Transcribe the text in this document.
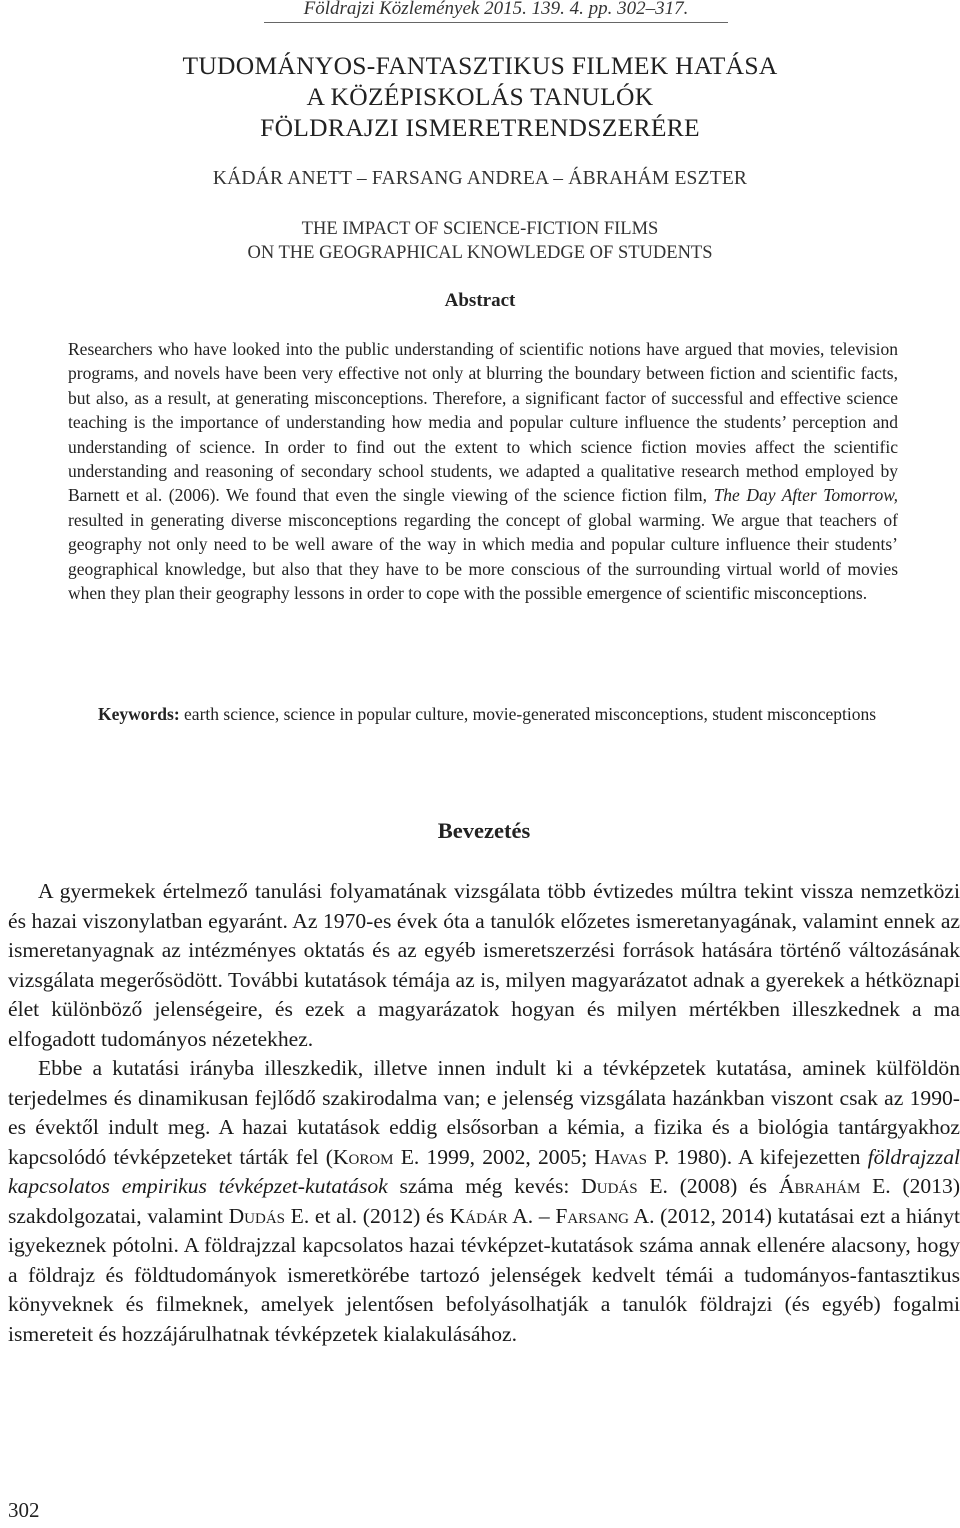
Földrajzi Közlemények 2015. 139. 4. pp. 302–317.
TUDOMÁNYOS-FANTASZTIKUS FILMEK HATÁSA
A KÖZÉPISKOLÁS TANULÓK
FÖLDRAJZI ISMERETRENDSZERÉRE
KÁDÁR ANETT – FARSANG ANDREA – ÁBRAHÁM ESZTER
THE IMPACT OF SCIENCE-FICTION FILMS
ON THE GEOGRAPHICAL KNOWLEDGE OF STUDENTS
Abstract

Researchers who have looked into the public understanding of scientific notions have argued that movies, television programs, and novels have been very effective not only at blurring the boundary between fiction and scientific facts, but also, as a result, at generating misconceptions. Therefore, a significant factor of successful and effective science teaching is the importance of understanding how media and popular culture influence the students’ perception and understanding of science. In order to find out the extent to which science fiction movies affect the scientific understanding and reasoning of secondary school students, we adapted a qualitative research method employed by Barnett et al. (2006). We found that even the single viewing of the science fiction film, The Day After Tomorrow, resulted in generating diverse misconceptions regarding the concept of global warming. We argue that teachers of geography not only need to be well aware of the way in which media and popular culture influence their students’ geographical knowledge, but also that they have to be more conscious of the surrounding virtual world of movies when they plan their geography lessons in order to cope with the possible emergence of scientific misconceptions.

Keywords: earth science, science in popular culture, movie-generated misconceptions, student misconceptions
Bevezetés

A gyermekek értelmező tanulási folyamatának vizsgálata több évtizedes múltra tekint vissza nemzetközi és hazai viszonylatban egyaránt. Az 1970-es évek óta a tanulók előzetes ismeretanyagának, valamint ennek az ismeretanyagnak az intézményes oktatás és az egyéb ismeretszerzési források hatására történő változásának vizsgálata megerősödött. További kutatások témája az is, milyen magyarázatot adnak a gyerekek a hétköznapi élet különböző jelenségeire, és ezek a magyarázatok hogyan és milyen mértékben illeszkednek a ma elfogadott tudományos nézetekhez.

Ebbe a kutatási irányba illeszkedik, illetve innen indult ki a tévképzetek kutatása, aminek külföldön terjedelmes és dinamikusan fejlődő szakirodalma van; e jelenség vizsgálata hazánkban viszont csak az 1990-es évektől indult meg. A hazai kutatások eddig elsősorban a kémia, a fizika és a biológia tantárgyakhoz kapcsolódó tévképzeteket tárták fel (Korom E. 1999, 2002, 2005; Havas P. 1980). A kifejezetten földrajzzal kapcsolatos empirikus tévképzet-kutatások száma még kevés: Dudás E. (2008) és Ábrahám E. (2013) szakdolgozatai, valamint Dudás E. et al. (2012) és Kádár A. – Farsang A. (2012, 2014) kutatásai ezt a hiányt igyekeznek pótolni. A földrajzzal kapcsolatos hazai tévképzet-kutatások száma annak ellenére alacsony, hogy a földrajz és földtudományok ismeretkörébe tartozó jelenségek kedvelt témái a tudományos-fantasztikus könyveknek és filmeknek, amelyek jelentősen befolyásolhatják a tanulók földrajzi (és egyéb) fogalmi ismereteit és hozzájárulhatnak tévképzetek kialakulásához.

302
